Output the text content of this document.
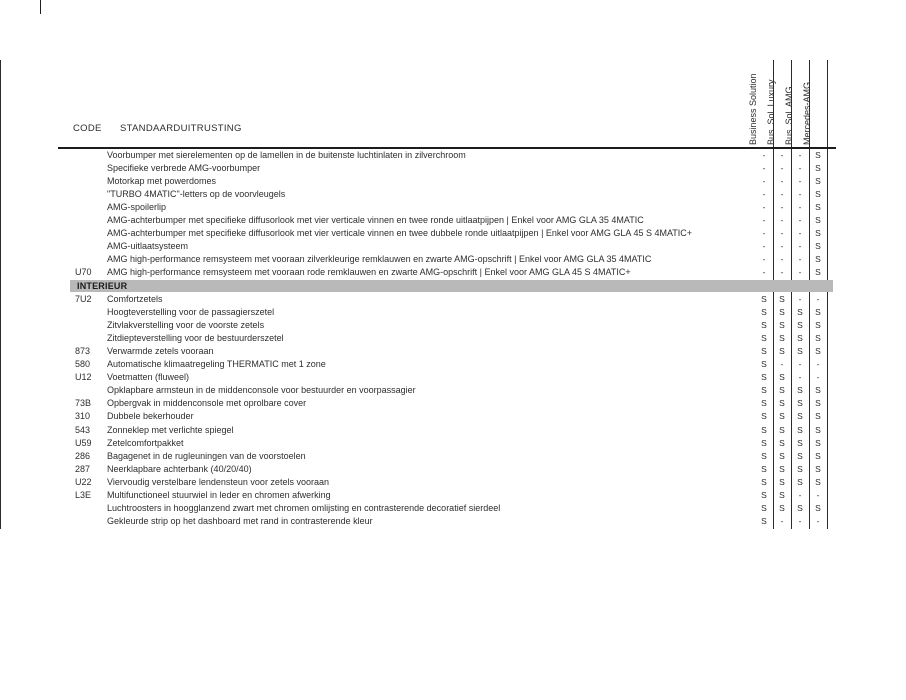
Business Solution Bus. Sol. Luxury Bus. Sol. AMG Mercedes-AMG
CODE STANDAARDUITRUSTING
Voorbumper met sierelementen op de lamellen in de buitenste luchtinlaten in zilverchroom	-	-	-	S
Specifieke verbrede AMG-voorbumper	-	-	-	S
Motorkap met powerdomes	-	-	-	S
"TURBO 4MATIC"-letters op de voorvleugels	-	-	-	S
AMG-spoilerlip	-	-	-	S
AMG-achterbumper met specifieke diffusorlook met vier verticale vinnen en twee ronde uitlaatpijpen | Enkel voor AMG GLA 35 4MATIC	-	-	-	S
AMG-achterbumper met specifieke diffusorlook met vier verticale vinnen en twee dubbele ronde uitlaatpijpen | Enkel voor AMG GLA 45 S 4MATIC+	-	-	-	S
AMG-uitlaatsysteem	-	-	-	S
AMG high-performance remsysteem met vooraan zilverkleurige remklauwen en zwarte AMG-opschrift | Enkel voor AMG GLA 35 4MATIC	-	-	-	S
U70 AMG high-performance remsysteem met vooraan rode remklauwen en zwarte AMG-opschrift | Enkel voor AMG GLA 45 S 4MATIC+	-	-	-	S
INTERIEUR
7U2 Comfortzetels	S	S	-	-
Hoogteverstelling voor de passagierszetel	S	S	S	S
Zitvlakverstelling voor de voorste zetels	S	S	S	S
Zitdiepteverstelling voor de bestuurderszetel	S	S	S	S
873 Verwarmde zetels vooraan	S	S	S	S
580 Automatische klimaatregeling THERMATIC met 1 zone	S	-	-	-
U12 Voetmatten (fluweel)	S	S	-	-
Opklapbare armsteun in de middenconsole voor bestuurder en voorpassagier	S	S	S	S
73B Opbergvak in middenconsole met oprolbare cover	S	S	S	S
310 Dubbele bekerhouder	S	S	S	S
543 Zonneklep met verlichte spiegel	S	S	S	S
U59 Zetelcomfortpakket	S	S	S	S
286 Bagagenet in de rugleuningen van de voorstoelen	S	S	S	S
287 Neerklapbare achterbank (40/20/40)	S	S	S	S
U22 Viervoudig verstelbare lendensteun voor zetels vooraan	S	S	S	S
L3E Multifunctioneel stuurwiel in leder en chromen afwerking	S	S	-	-
Luchtroosters in hoogglanzend zwart met chromen omlijsting en contrasterende decoratief sierdeel	S	S	S	S
Gekleurde strip op het dashboard met rand in contrasterende kleur	S	-	-	-
